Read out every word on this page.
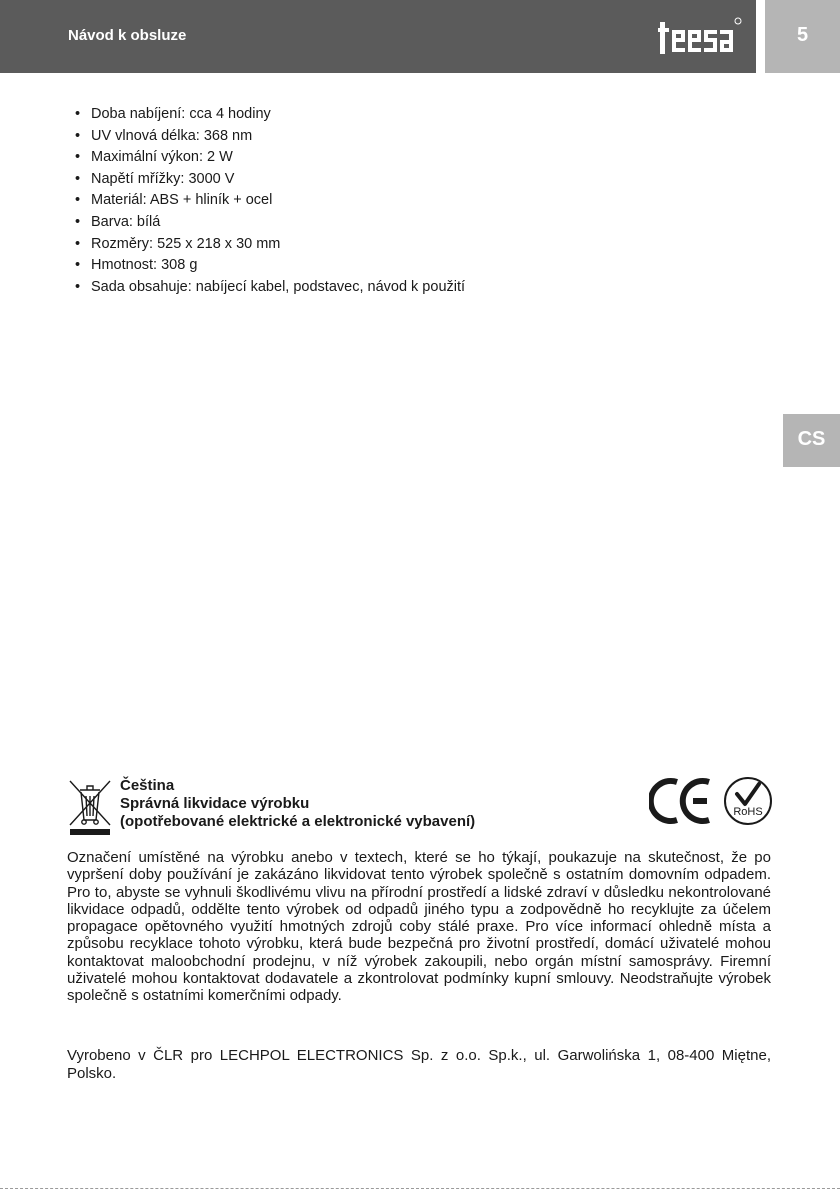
Návod k obsluze	5
CS
• Doba nabíjení: cca 4 hodiny
• UV vlnová délka: 368 nm
• Maximální výkon: 2 W
• Napětí mřížky: 3000 V
• Materiál: ABS + hliník + ocel
• Barva: bílá
• Rozměry: 525 x 218 x 30 mm
• Hmotnost: 308 g
• Sada obsahuje: nabíjecí kabel, podstavec, návod k použití
Čeština
Správná likvidace výrobku
(opotřebované elektrické a elektronické vybavení)
RoHS

Označení umístěné na výrobku anebo v textech, které se ho týkají, poukazuje na skutečnost, že po vypršení doby používání je zakázáno likvidovat tento výrobek společně s ostatním domovním odpadem. Pro to, abyste se vyhnuli škodlivému vlivu na přírodní prostředí a lidské zdraví v důsledku nekontrolované likvidace odpadů, oddělte tento výrobek od odpadů jiného typu a zodpovědně ho recyklujte za účelem propagace opětovného využití hmotných zdrojů coby stálé praxe. Pro více informací ohledně místa a způsobu recyklace tohoto výrobku, která bude bezpečná pro životní prostředí, domácí uživatelé mohou kontaktovat maloobchodní prodejnu, v níž výrobek zakoupili, nebo orgán místní samosprávy. Firemní uživatelé mohou kontaktovat dodavatele a zkontrolovat podmínky kupní smlouvy. Neodstraňujte výrobek společně s ostatními komerčními odpady.

Vyrobeno v ČLR pro LECHPOL ELECTRONICS Sp. z o.o. Sp.k., ul. Garwolińska 1, 08-400 Miętne, Polsko.
